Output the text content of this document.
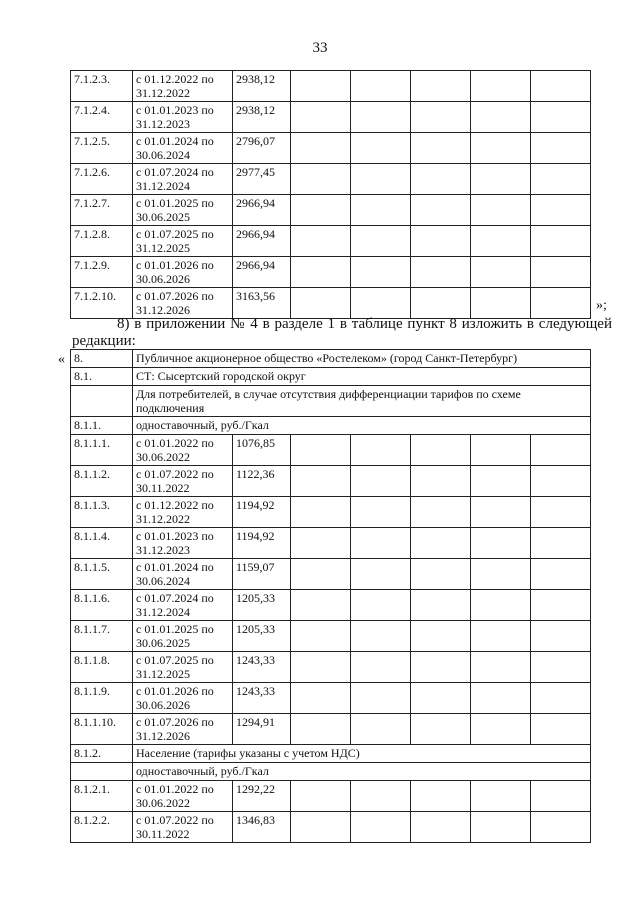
33
7.1.2.3.	с 01.12.2022 по 31.12.2022	2938,12					
7.1.2.4.	с 01.01.2023 по 31.12.2023	2938,12					
7.1.2.5.	с 01.01.2024 по 30.06.2024	2796,07					
7.1.2.6.	с 01.07.2024 по 31.12.2024	2977,45					
7.1.2.7.	с 01.01.2025 по 30.06.2025	2966,94					
7.1.2.8.	с 01.07.2025 по 31.12.2025	2966,94					
7.1.2.9.	с 01.01.2026 по 30.06.2026	2966,94					
7.1.2.10.	с 01.07.2026 по 31.12.2026	3163,56					
»;
8) в приложении № 4 в разделе 1 в таблице пункт 8 изложить в следующей редакции:
« 8.	Публичное акционерное общество «Ростелеком» (город Санкт-Петербург)						
8.1.	СТ: Сысертский городской округ						
	Для потребителей, в случае отсутствия дифференциации тарифов по схеме подключения						
8.1.1.	одноставочный, руб./Гкал						
8.1.1.1.	с 01.01.2022 по 30.06.2022	1076,85					
8.1.1.2.	с 01.07.2022 по 30.11.2022	1122,36					
8.1.1.3.	с 01.12.2022 по 31.12.2022	1194,92					
8.1.1.4.	с 01.01.2023 по 31.12.2023	1194,92					
8.1.1.5.	с 01.01.2024 по 30.06.2024	1159,07					
8.1.1.6.	с 01.07.2024 по 31.12.2024	1205,33					
8.1.1.7.	с 01.01.2025 по 30.06.2025	1205,33					
8.1.1.8.	с 01.07.2025 по 31.12.2025	1243,33					
8.1.1.9.	с 01.01.2026 по 30.06.2026	1243,33					
8.1.1.10.	с 01.07.2026 по 31.12.2026	1294,91					
8.1.2.	Население (тарифы указаны с учетом НДС)						
	одноставочный, руб./Гкал						
8.1.2.1.	с 01.01.2022 по 30.06.2022	1292,22					
8.1.2.2.	с 01.07.2022 по 30.11.2022	1346,83					
